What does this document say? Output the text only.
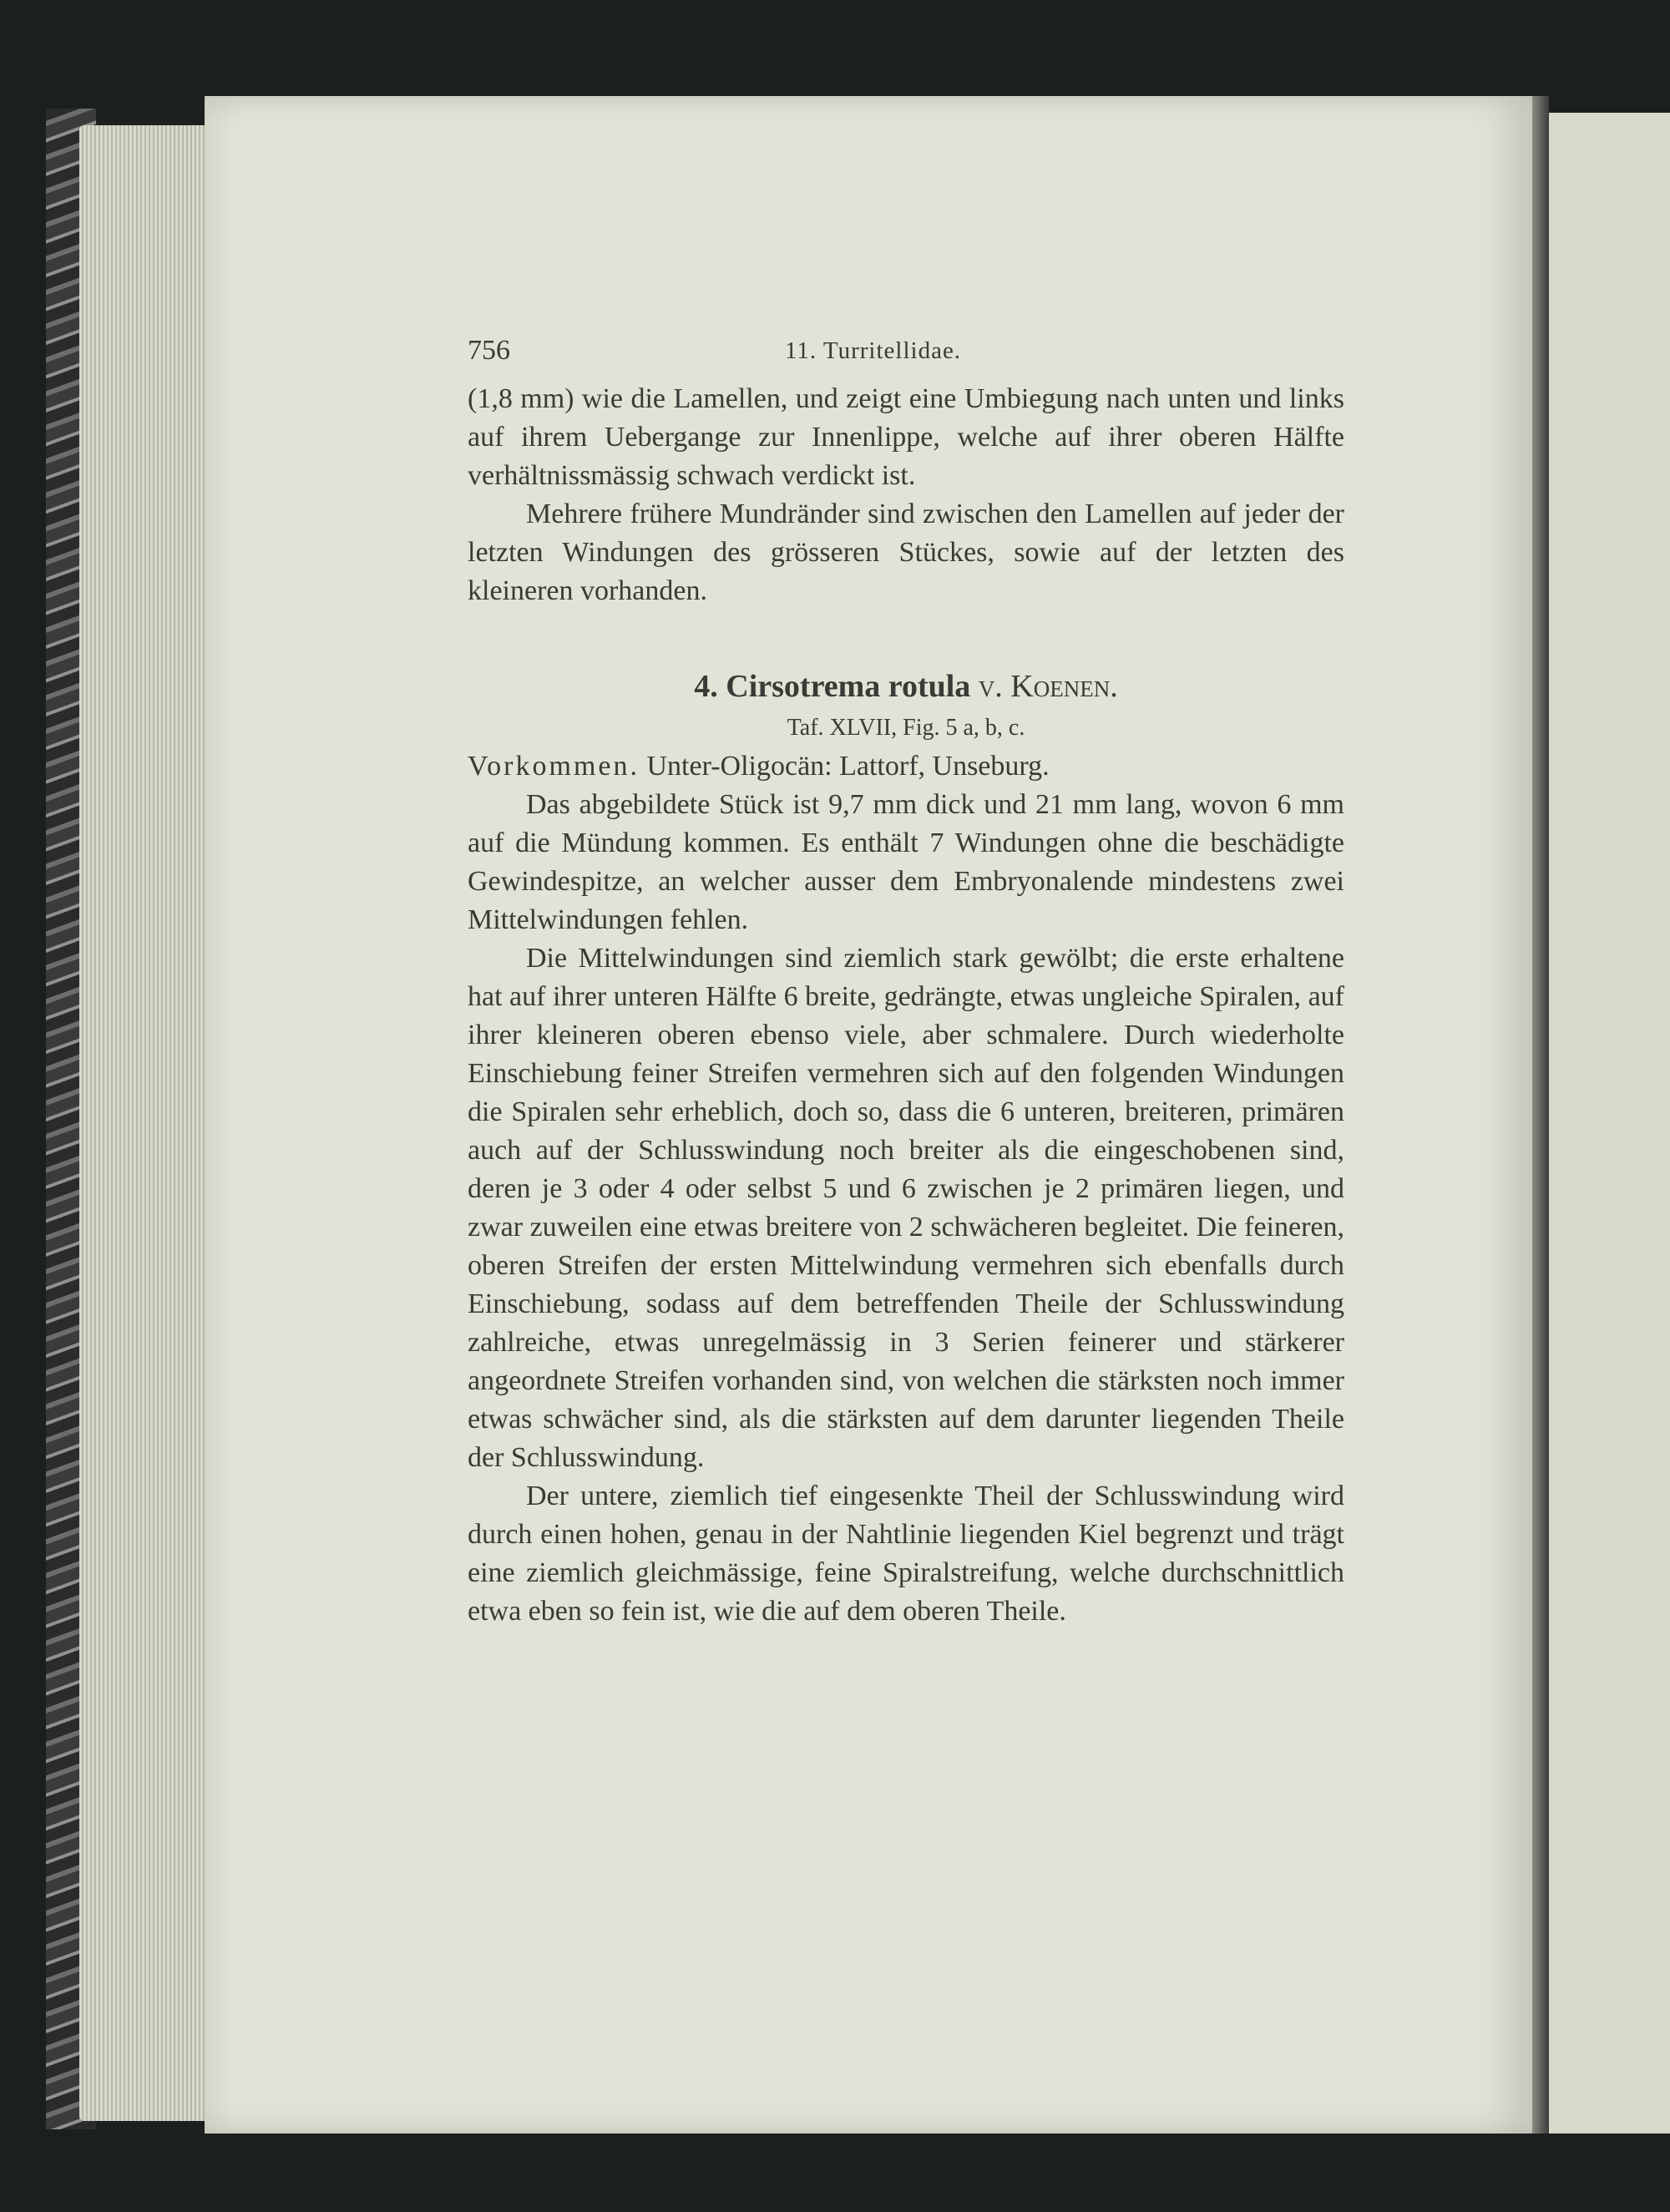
756	11. Turritellidae.

(1,8 mm) wie die Lamellen, und zeigt eine Umbiegung nach unten und links auf ihrem Uebergange zur Innenlippe, welche auf ihrer oberen Hälfte verhältnissmässig schwach verdickt ist.

Mehrere frühere Mundränder sind zwischen den Lamellen auf jeder der letzten Windungen des grösseren Stückes, sowie auf der letzten des kleineren vorhanden.

4. Cirsotrema rotula v. Koenen.
Taf. XLVII, Fig. 5 a, b, c.

Vorkommen. Unter-Oligocän: Lattorf, Unseburg.

Das abgebildete Stück ist 9,7 mm dick und 21 mm lang, wovon 6 mm auf die Mündung kommen. Es enthält 7 Windungen ohne die beschädigte Gewindespitze, an welcher ausser dem Embryonalende mindestens zwei Mittelwindungen fehlen.

Die Mittelwindungen sind ziemlich stark gewölbt; die erste erhaltene hat auf ihrer unteren Hälfte 6 breite, gedrängte, etwas ungleiche Spiralen, auf ihrer kleineren oberen ebenso viele, aber schmalere. Durch wiederholte Einschiebung feiner Streifen vermehren sich auf den folgenden Windungen die Spiralen sehr erheblich, doch so, dass die 6 unteren, breiteren, primären auch auf der Schlusswindung noch breiter als die eingeschobenen sind, deren je 3 oder 4 oder selbst 5 und 6 zwischen je 2 primären liegen, und zwar zuweilen eine etwas breitere von 2 schwächeren begleitet. Die feineren, oberen Streifen der ersten Mittelwindung vermehren sich ebenfalls durch Einschiebung, sodass auf dem betreffenden Theile der Schlusswindung zahlreiche, etwas unregelmässig in 3 Serien feinerer und stärkerer angeordnete Streifen vorhanden sind, von welchen die stärksten noch immer etwas schwächer sind, als die stärksten auf dem darunter liegenden Theile der Schlusswindung.

Der untere, ziemlich tief eingesenkte Theil der Schlusswindung wird durch einen hohen, genau in der Nahtlinie liegenden Kiel begrenzt und trägt eine ziemlich gleichmässige, feine Spiralstreifung, welche durchschnittlich etwa eben so fein ist, wie die auf dem oberen Theile.
